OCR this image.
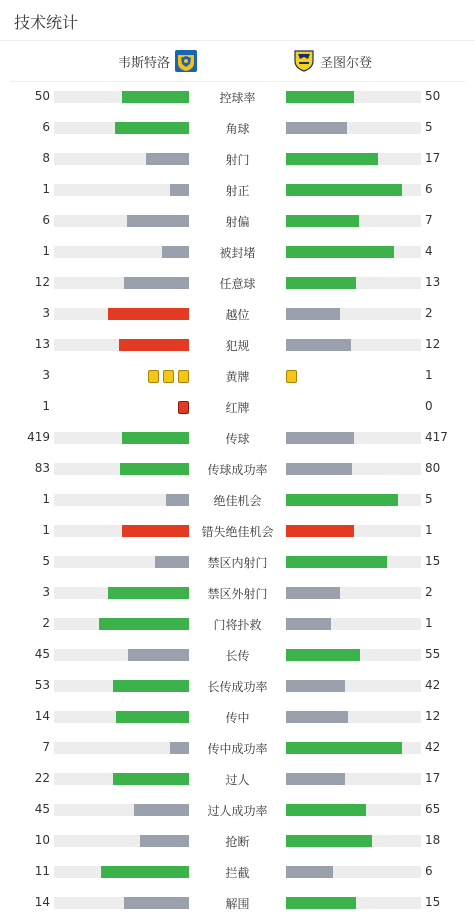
技术统计
韦斯特洛	圣图尔登
50	控球率	50
6	角球	5
8	射门	17
1	射正	6
6	射偏	7
1	被封堵	4
12	任意球	13
3	越位	2
13	犯规	12
3	黄牌	1
1	红牌	0
419	传球	417
83	传球成功率	80
1	绝佳机会	5
1	错失绝佳机会	1
5	禁区内射门	15
3	禁区外射门	2
2	门将扑救	1
45	长传	55
53	长传成功率	42
14	传中	12
7	传中成功率	42
22	过人	17
45	过人成功率	65
10	抢断	18
11	拦截	6
14	解围	15
